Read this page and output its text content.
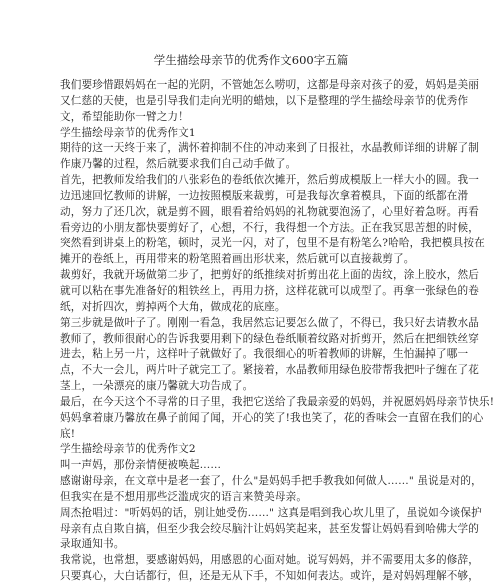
学生描绘母亲节的优秀作文600字五篇
我们要珍惜跟妈妈在一起的光阴，不管她怎么唠叨，这都是母亲对孩子的爱，妈妈是美丽
又仁慈的天使，也是引导我们走向光明的蜡烛，以下是整理的学生描绘母亲节的优秀作
文，希望能助你一臂之力！
学生描绘母亲节的优秀作文1
期待的这一天终于来了，满怀着抑制不住的冲动来到了日报社，水晶教师详细的讲解了制
作康乃馨的过程，然后就要求我们自己动手做了。
首先，把教师发给我们的八张彩色的卷纸依次摊开，然后剪成模版上一样大小的圆。我一
边迅速回忆教师的讲解，一边按照模版来裁剪，可是我每次拿着模具，下面的纸都在滑
动，努力了还几次，就是剪不圆，眼看着给妈妈的礼物就要泡汤了，心里好着急呀。再看
看旁边的小朋友都快要剪好了，心想，不行，我得想一个方法。正在我冥思苦想的时候，
突然看到讲桌上的粉笔，顿时，灵光一闪，对了，包里不是有粉笔么?哈哈，我把模具按在
摊开的卷纸上，再用带来的粉笔照着画出形状来，然后就可以直接裁剪了。
裁剪好，我就开场做第二步了，把剪好的纸推续对折剪出花上面的齿纹，涂上胶水，然后
就可以粘在事先准备好的粗铁丝上，再用力挤，这样花就可以成型了。再拿一张绿色的卷
纸，对折四次，剪掉两个大角，做成花的底座。
第三步就是做叶子了。刚刚一看急，我居然忘记要怎么做了，不得已，我只好去请教水晶
教师了，教师很耐心的告诉我要用剩下的绿色卷纸顺着纹路对折剪开，然后在把细铁丝穿
进去，粘上另一片，这样叶子就做好了。我很细心的听着教师的讲解，生怕漏掉了哪一
点，不大一会儿，两片叶子就完工了。紧接着，水晶教师用绿色胶带帮我把叶子缠在了花
茎上，一朵漂亮的康乃馨就大功告成了。
最后，在今天这个不寻常的日子里，我把它送给了我最亲爱的妈妈，并祝愿妈妈母亲节快乐!
妈妈拿着康乃馨放在鼻子前闻了闻，开心的笑了!我也笑了，花的香味会一直留在我们的心
底!
学生描绘母亲节的优秀作文2
叫一声妈，那份亲情便被唤起……
感谢谢母亲，在文章中是老一套了，什么"是妈妈手把手教我如何做人……" 虽说是对的，
但我实在是不想用那些泛滥成灾的语言来赞美母亲。
周杰抢唱过："听妈妈的话，别让她受伤……" 这真是唱到我心坎儿里了，虽说如今谈保护
母亲有点自欺自搞，但至少我会绞尽脑汁让妈妈笑起来，甚至发誓让妈妈看到哈佛大学的
录取通知书。
我常说，也常想，要感谢妈妈，用感恩的心面对她。说写妈妈，并不需要用太多的修辞，
只要真心，大白话都行，但，还是无从下手，不知如何表达。或许，是对妈妈理解不够，
